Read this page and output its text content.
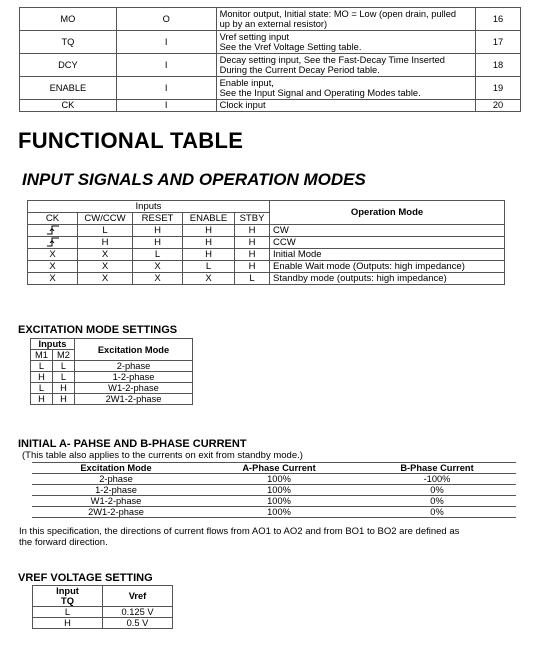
MO	O	Monitor output, Initial state: MO = Low (open drain, pulled
up by an external resistor)	16
TQ	I	Vref setting input
See the Vref Voltage Setting table.	17
DCY	I	Decay setting input, See the Fast-Decay Time Inserted
During the Current Decay Period table.	18
ENABLE	I	Enable input,
See the Input Signal and Operating Modes table.	19
CK	I	Clock input	20
FUNCTIONAL TABLE
INPUT SIGNALS AND OPERATION MODES
Inputs					Operation Mode
CK	CW/CCW	RESET	ENABLE	STBY	
	L	H	H	H	CW
	H	H	H	H	CCW
X	X	L	H	H	Initial Mode
X	X	X	L	H	Enable Wait mode (Outputs: high impedance)
X	X	X	X	L	Standby mode (outputs: high impedance)
EXCITATION MODE SETTINGS
Inputs		Excitation Mode
M1	M2	
L	L	2-phase
H	L	1-2-phase
L	H	W1-2-phase
H	H	2W1-2-phase
INITIAL A- PAHSE AND B-PHASE CURRENT
(This table also applies to the currents on exit from standby mode.)
Excitation Mode	A-Phase Current	B-Phase Current
2-phase	100%	-100%
1-2-phase	100%	0%
W1-2-phase	100%	0%
2W1-2-phase	100%	0%
In this specification, the directions of current flows from AO1 to AO2 and from BO1 to BO2 are defined as
the forward direction.
VREF VOLTAGE SETTING
Input
TQ	Vref
L	0.125 V
H	0.5 V
